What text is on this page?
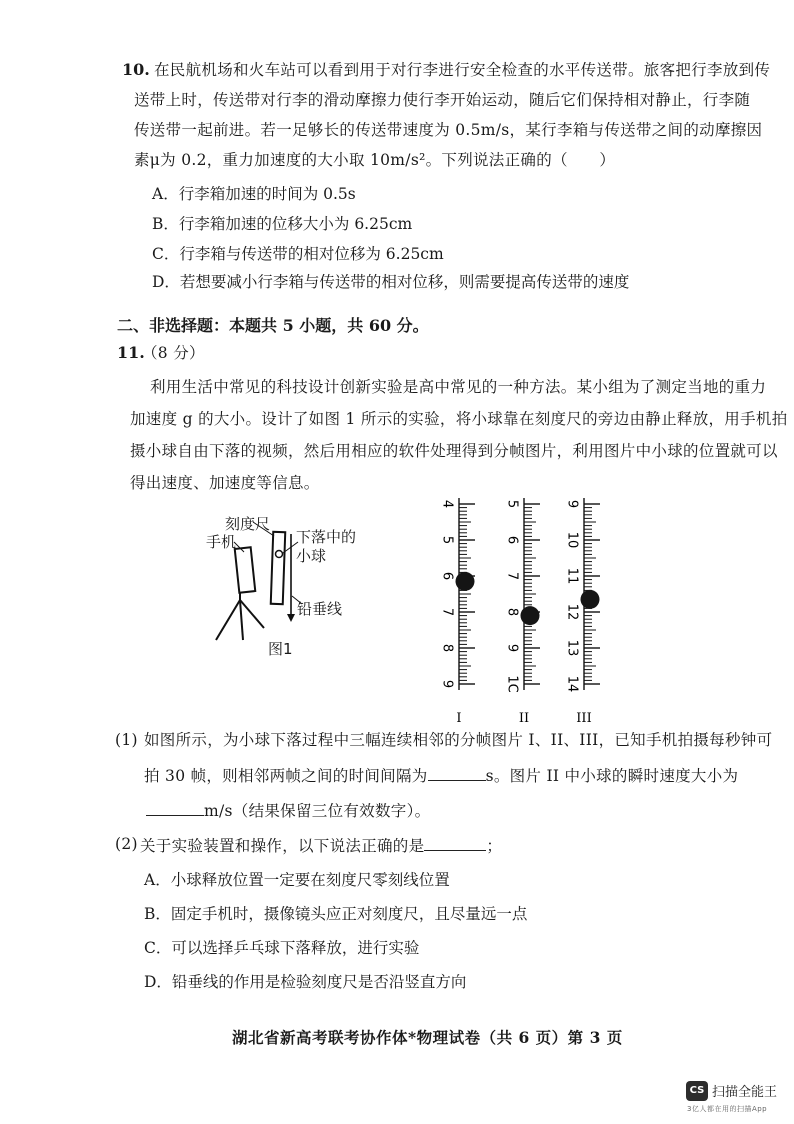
10. 在民航机场和火车站可以看到用于对行李进行安全检查的水平传送带。旅客把行李放到传
送带上时，传送带对行李的滑动摩擦力使行李开始运动，随后它们保持相对静止，行李随
传送带一起前进。若一足够长的传送带速度为 0.5m/s，某行李箱与传送带之间的动摩擦因
素μ为 0.2，重力加速度的大小取 10m/s²。下列说法正确的（　　）
A．行李箱加速的时间为 0.5s
B．行李箱加速的位移大小为 6.25cm
C．行李箱与传送带的相对位移为 6.25cm
D．若想要减小行李箱与传送带的相对位移，则需要提高传送带的速度
二、非选择题：本题共 5 小题，共 60 分。
11.
（8 分）
利用生活中常见的科技设计创新实验是高中常见的一种方法。某小组为了测定当地的重力
加速度 g 的大小。设计了如图 1 所示的实验，将小球靠在刻度尺的旁边由静止释放，用手机拍
摄小球自由下落的视频，然后用相应的软件处理得到分帧图片，利用图片中小球的位置就可以
得出速度、加速度等信息。
刻度尺
手机	下落中的
小球
铅垂线
图1
4
5
6
7
8
9
I
5
6
7
8
9
1C
II
9
10
11
12
13
14
III
(1) 如图所示，为小球下落过程中三幅连续相邻的分帧图片 I、II、III，已知手机拍摄每秒钟可
拍 30 帧，则相邻两帧之间的时间间隔为	s。图片 II 中小球的瞬时速度大小为
m/s（结果保留三位有效数字）。
(2) 关于实验装置和操作，以下说法正确的是	；
A．小球释放位置一定要在刻度尺零刻线位置
B．固定手机时，摄像镜头应正对刻度尺，且尽量远一点
C．可以选择乒乓球下落释放，进行实验
D．铅垂线的作用是检验刻度尺是否沿竖直方向
湖北省新高考联考协作体*物理试卷（共 6 页）第 3 页
CS 扫描全能王
3亿人都在用的扫描App
